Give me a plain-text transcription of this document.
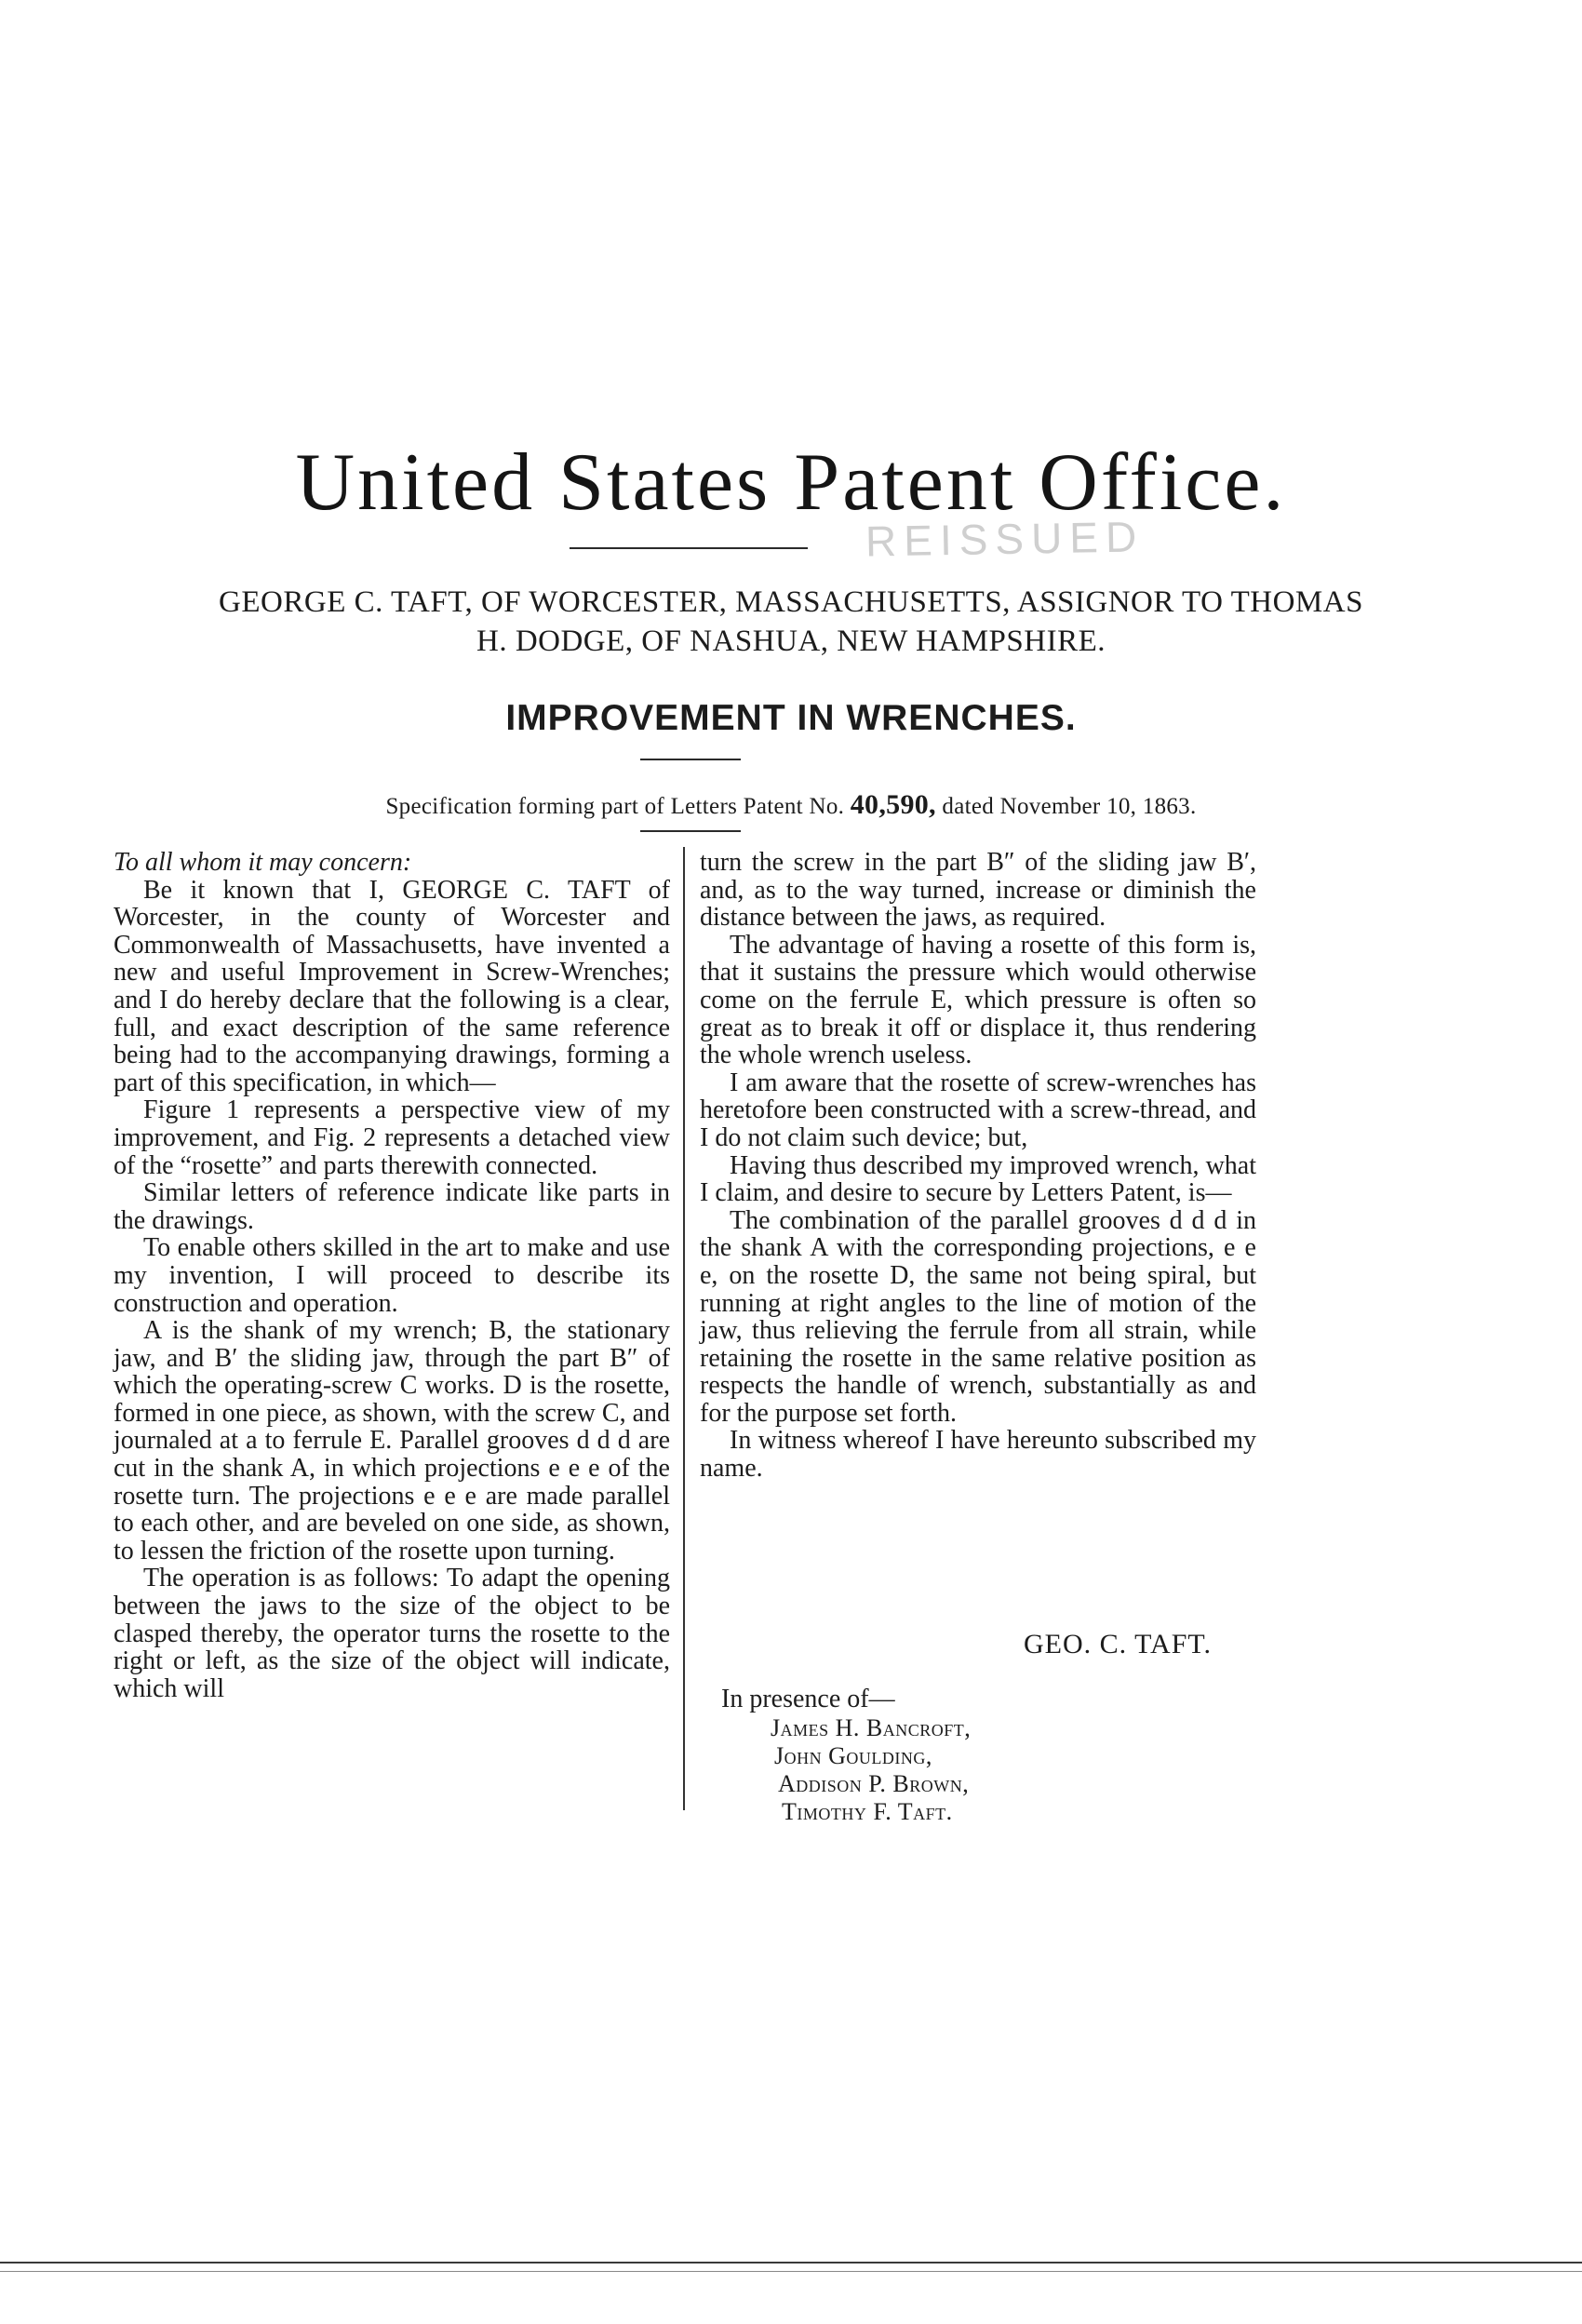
United States Patent Office.
REISSUED
GEORGE C. TAFT, OF WORCESTER, MASSACHUSETTS, ASSIGNOR TO THOMAS
H. DODGE, OF NASHUA, NEW HAMPSHIRE.
IMPROVEMENT IN WRENCHES.
Specification forming part of Letters Patent No. 40,590, dated November 10, 1863.

To all whom it may concern:

Be it known that I, GEORGE C. TAFT of Worcester, in the county of Worcester and Commonwealth of Massachusetts, have invented a new and useful Improvement in Screw-Wrenches; and I do hereby declare that the following is a clear, full, and exact description of the same reference being had to the accompanying drawings, forming a part of this specification, in which—

Figure 1 represents a perspective view of my improvement, and Fig. 2 represents a detached view of the “rosette” and parts therewith connected.

Similar letters of reference indicate like parts in the drawings.

To enable others skilled in the art to make and use my invention, I will proceed to describe its construction and operation.

A is the shank of my wrench; B, the stationary jaw, and B′ the sliding jaw, through the part B″ of which the operating-screw C works. D is the rosette, formed in one piece, as shown, with the screw C, and journaled at a to ferrule E. Parallel grooves d d d are cut in the shank A, in which projections e e e of the rosette turn. The projections e e e are made parallel to each other, and are beveled on one side, as shown, to lessen the friction of the rosette upon turning.

The operation is as follows: To adapt the opening between the jaws to the size of the object to be clasped thereby, the operator turns the rosette to the right or left, as the size of the object will indicate, which will

turn the screw in the part B″ of the sliding jaw B′, and, as to the way turned, increase or diminish the distance between the jaws, as required.

The advantage of having a rosette of this form is, that it sustains the pressure which would otherwise come on the ferrule E, which pressure is often so great as to break it off or displace it, thus rendering the whole wrench useless.

I am aware that the rosette of screw-wrenches has heretofore been constructed with a screw-thread, and I do not claim such device; but,

Having thus described my improved wrench, what I claim, and desire to secure by Letters Patent, is—

The combination of the parallel grooves d d d in the shank A with the corresponding projections, e e e, on the rosette D, the same not being spiral, but running at right angles to the line of motion of the jaw, thus relieving the ferrule from all strain, while retaining the rosette in the same relative position as respects the handle of wrench, substantially as and for the purpose set forth.

In witness whereof I have hereunto subscribed my name.

GEO. C. TAFT.
In presence of—
James H. Bancroft,
John Goulding,
Addison P. Brown,
Timothy F. Taft.
